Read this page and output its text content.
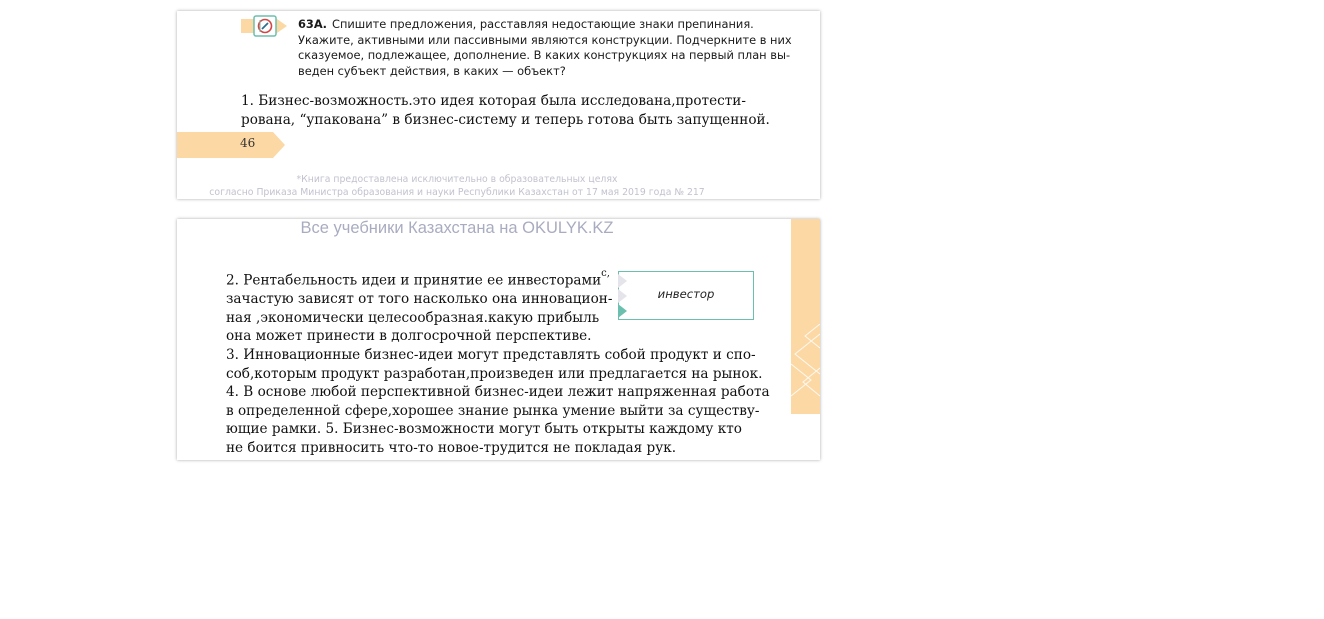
63А. Спишите предложения, расставляя недостающие знаки препинания.
Укажите, активными или пассивными являются конструкции. Подчеркните в них
сказуемое, подлежащее, дополнение. В каких конструкциях на первый план вы-
веден субъект действия, в каких — объект?
1. Бизнес-возможность.это идея которая была исследована,протести-
рована, “упакована” в бизнес-систему и теперь готова быть запущенной.
46
*Книга предоставлена исключительно в образовательных целях
согласно Приказа Министра образования и науки Республики Казахстан от 17 мая 2019 года № 217
Все учебники Казахстана на OKULYK.KZ
инвестор
2. Рентабельность идеи и принятие ее инвесторами$^{с,}$
зачастую зависят от того насколько она инновацион-
ная ,экономически целесообразная.какую прибыль
она может принести в долгосрочной перспективе.
3. Инновационные бизнес-идеи могут представлять собой продукт и спо-
соб,которым продукт разработан,произведен или предлагается на рынок.
4. В основе любой перспективной бизнес-идеи лежит напряженная работа
в определенной сфере,хорошее знание рынка умение выйти за существу-
ющие рамки. 5. Бизнес-возможности могут быть открыты каждому кто
не боится привносить что-то новое-трудится не покладая рук.
